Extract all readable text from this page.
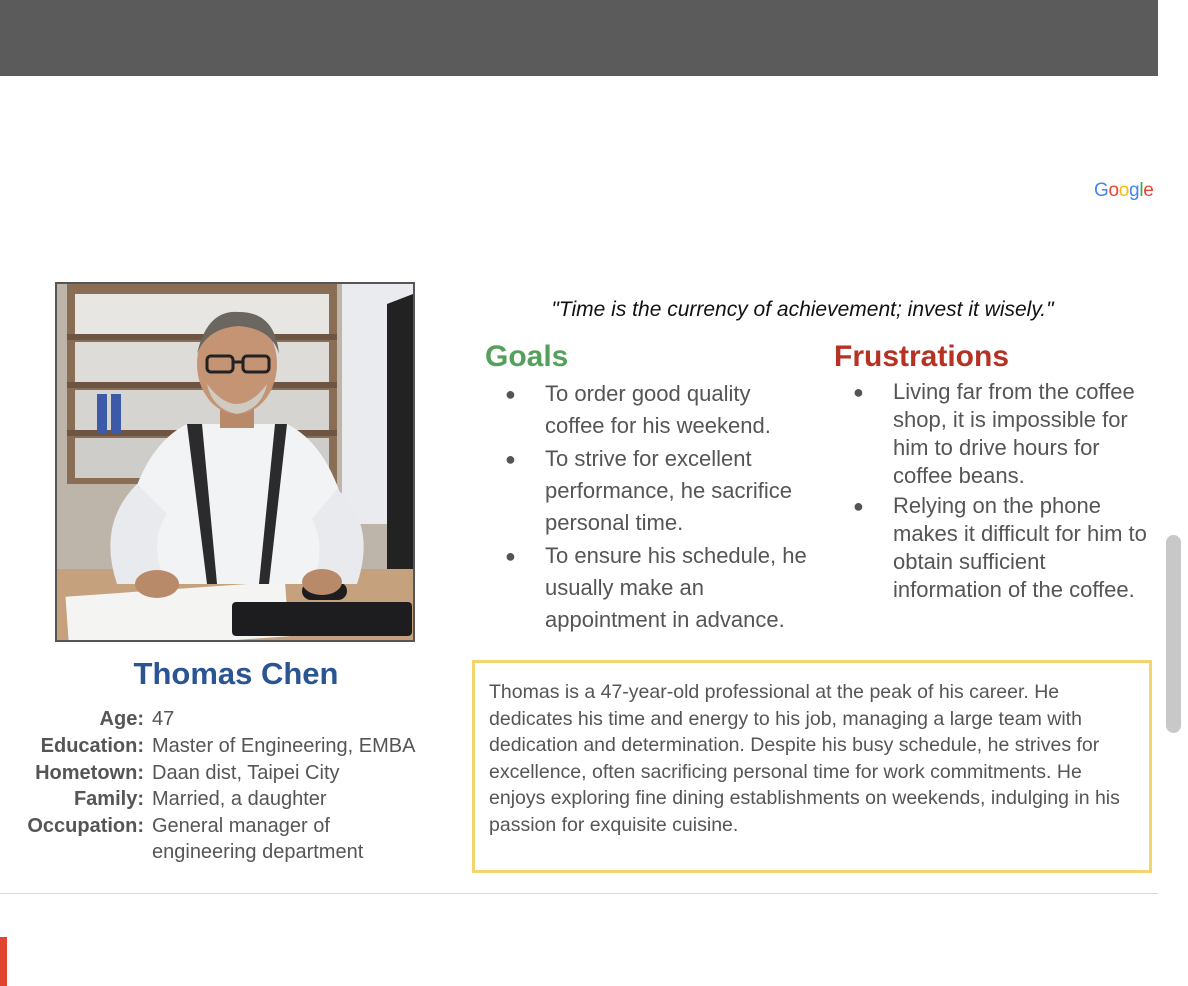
Google
Thomas Chen
Age: 47
Education: Master of Engineering, EMBA
Hometown: Daan dist, Taipei City
Family: Married, a daughter
Occupation: General manager of
engineering department
"Time is the currency of achievement; invest it wisely."
Goals
● To order good quality coffee for his weekend.
● To strive for excellent performance, he sacrifice personal time.
● To ensure his schedule, he usually make an appointment in advance.
Frustrations
● Living far from the coffee shop, it is impossible for him to drive hours for coffee beans.
● Relying on the phone makes it difficult for him to obtain sufficient information of the coffee.
Thomas is a 47-year-old professional at the peak of his career. He dedicates his time and energy to his job, managing a large team with dedication and determination. Despite his busy schedule, he strives for excellence, often sacrificing personal time for work commitments. He enjoys exploring fine dining establishments on weekends, indulging in his passion for exquisite cuisine.
